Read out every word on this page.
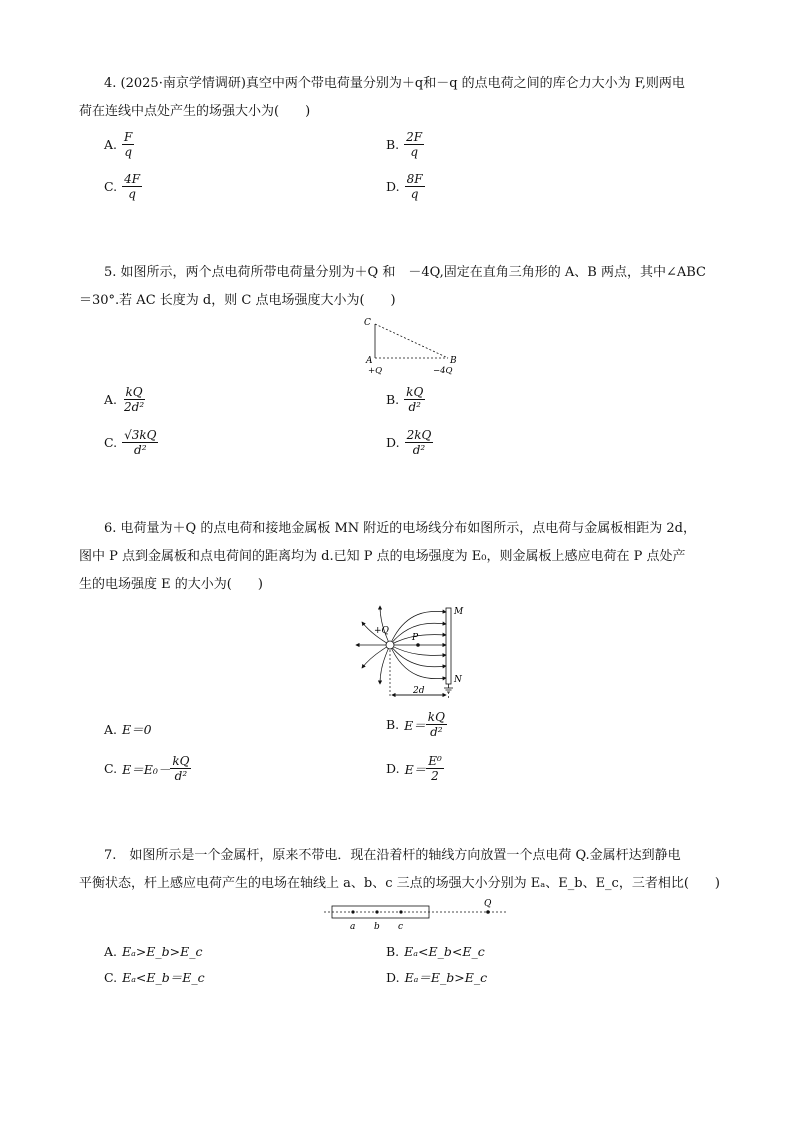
4. (2025·南京学情调研)真空中两个带电荷量分别为＋q和－q 的点电荷之间的库仑力大小为 F,则两电
荷在连线中点处产生的场强大小为(　　)
A. $\frac{F}{q}$	B. $\frac{2F}{q}$
C. $\frac{4F}{q}$	D. $\frac{8F}{q}$
5. 如图所示，两个点电荷所带电荷量分别为＋Q 和　－4Q,固定在直角三角形的 A、B 两点，其中∠ABC
＝30°.若 AC 长度为 d，则 C 点电场强度大小为(　　)
C
A	B
+Q	−4Q
A. $\frac{kQ}{\text{2d²}}$	B. $\frac{kQ}{\text{d²}}$
C. $\frac{√3kQ}{\text{d²}}$	D. $\frac{2kQ}{\text{d²}}$
6. 电荷量为＋Q 的点电荷和接地金属板 MN 附近的电场线分布如图所示，点电荷与金属板相距为 2d，
图中 P 点到金属板和点电荷间的距离均为 d.已知 P 点的电场强度为 E₀，则金属板上感应电荷在 P 点处产
生的电场强度 E 的大小为(　　)
+Q
P
M
N
2d
A. E＝0	B. $E= \frac{kQ}{\text{d²}}$
C. $E=E_0- \frac{kQ}{\text{d²}}$	D. $E= \frac{\text{E⁰}}{2}$
7.　如图所示是一个金属杆，原来不带电．现在沿着杆的轴线方向放置一个点电荷 Q.金属杆达到静电
平衡状态，杆上感应电荷产生的电场在轴线上 a、b、c 三点的场强大小分别为 Eₐ、E_b、E_c，三者相比(　　)
a b c
Q
A. Eₐ>E_b>E_c	B. Eₐ<E_b<E_c
C. Eₐ<E_b＝E_c	D. Eₐ＝E_b>E_c
